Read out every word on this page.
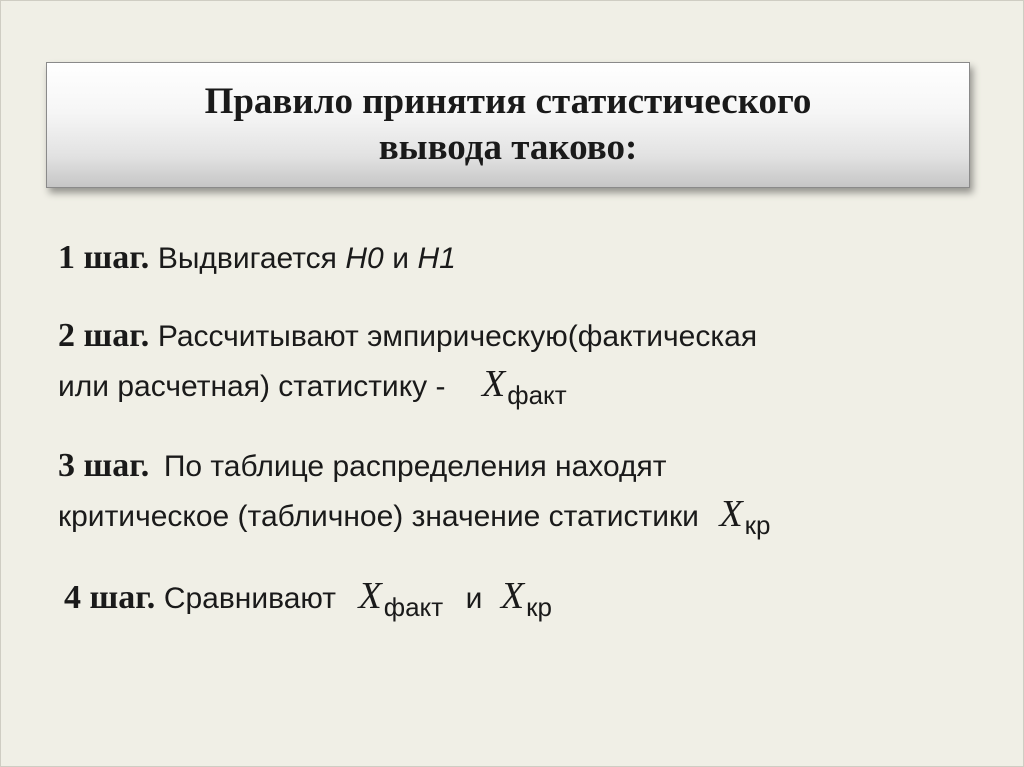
Правило принятия статистического
вывода таково:
1 шаг. Выдвигается H0 и H1
2 шаг. Рассчитывают эмпирическую(фактическая
или расчетная) статистику - $X_{факт}$
3 шаг. По таблице распределения находят
критическое (табличное) значение статистики $X_{кр}$
4 шаг. Сравнивают $X_{факт}$ и $X_{кр}$
